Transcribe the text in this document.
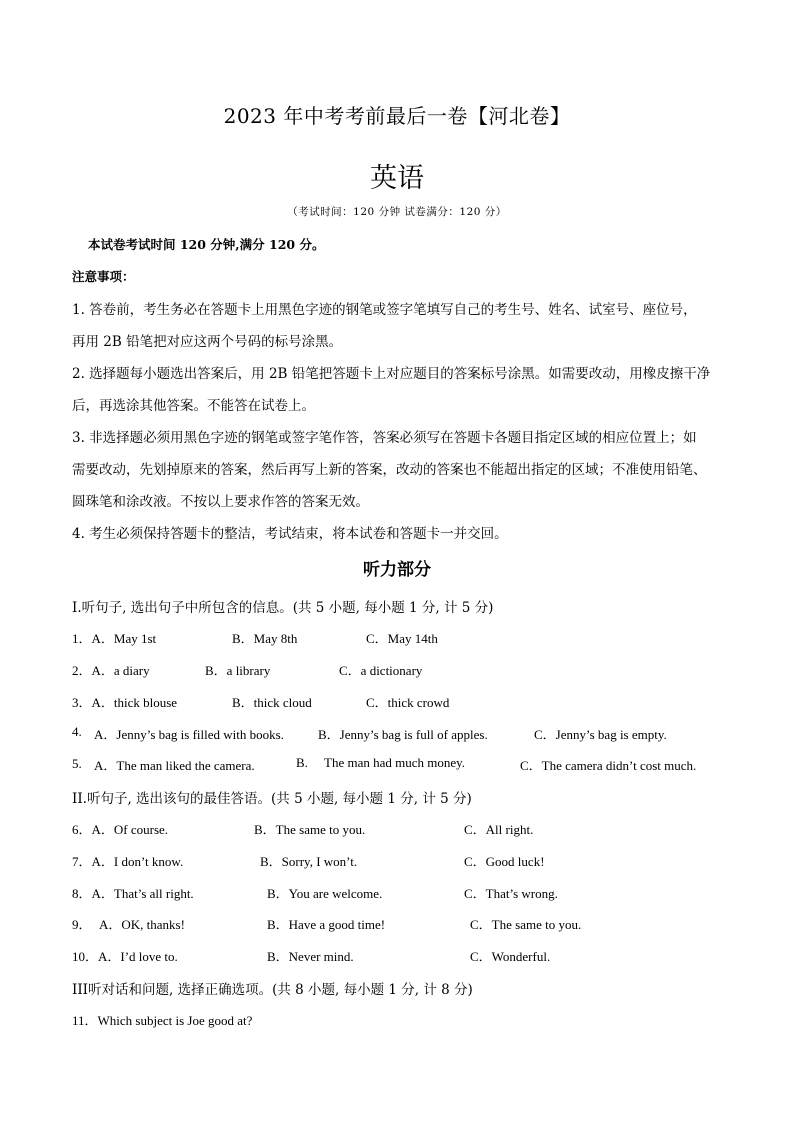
2023 年中考考前最后一卷【河北卷】
英语
（考试时间：120 分钟 试卷满分：120 分）
本试卷考试时间 120 分钟,满分 120 分。
注意事项：
1. 答卷前，考生务必在答题卡上用黑色字迹的钢笔或签字笔填写自己的考生号、姓名、试室号、座位号，
再用 2B 铅笔把对应这两个号码的标号涂黑。
2. 选择题每小题选出答案后，用 2B 铅笔把答题卡上对应题目的答案标号涂黑。如需要改动，用橡皮擦干净
后，再选涂其他答案。不能答在试卷上。
3. 非选择题必须用黑色字迹的钢笔或签字笔作答，答案必须写在答题卡各题目指定区域的相应位置上；如
需要改动，先划掉原来的答案，然后再写上新的答案，改动的答案也不能超出指定的区域；不准使用铅笔、
圆珠笔和涂改液。不按以上要求作答的答案无效。
4. 考生必须保持答题卡的整洁，考试结束，将本试卷和答题卡一并交回。
听力部分
I.听句子, 选出句子中所包含的信息。(共 5 小题, 每小题 1 分, 计 5 分)
1．A．May 1st	B．May 8th	C．May 14th
2．A．a diary	B．a library	C．a dictionary
3．A．thick blouse	B．thick cloud	C．thick crowd
4. A．Jenny’s bag is filled with books.	B．Jenny’s bag is full of apples.	C．Jenny’s bag is empty.
5. A．The man liked the camera.	B. The man had much money.	C．The camera didn’t cost much.
II.听句子, 选出该句的最佳答语。(共 5 小题, 每小题 1 分, 计 5 分)
6．A．Of course.	B．The same to you.	C．All right.
7．A．I don’t know.	B．Sorry, I won’t.	C．Good luck!
8．A．That’s all right.	B．You are welcome.	C．That’s wrong.
9． A．OK, thanks!	B．Have a good time!	C．The same to you.
10．A．I’d love to.	B．Never mind.	C．Wonderful.
III听对话和问题, 选择正确选项。(共 8 小题, 每小题 1 分, 计 8 分)
11．Which subject is Joe good at?
